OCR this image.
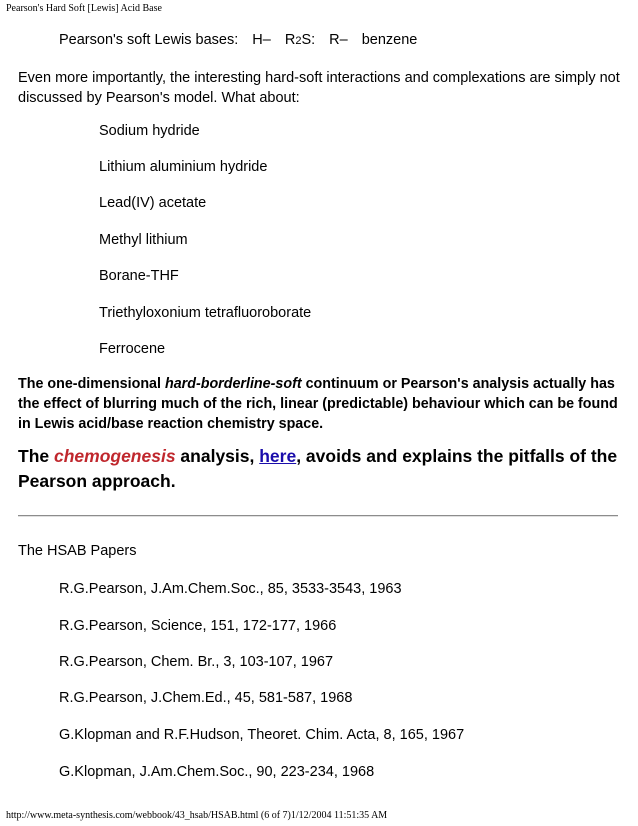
Pearson's Hard Soft [Lewis] Acid Base
Pearson's soft Lewis bases: H– R2S: R– benzene
Even more importantly, the interesting hard-soft interactions and complexations are simply not discussed by Pearson's model. What about:
Sodium hydride
Lithium aluminium hydride
Lead(IV) acetate
Methyl lithium
Borane-THF
Triethyloxonium tetrafluoroborate
Ferrocene
The one-dimensional hard-borderline-soft continuum or Pearson's analysis actually has the effect of blurring much of the rich, linear (predictable) behaviour which can be found in Lewis acid/base reaction chemistry space.
The chemogenesis analysis, here, avoids and explains the pitfalls of the Pearson approach.
The HSAB Papers
R.G.Pearson, J.Am.Chem.Soc., 85, 3533-3543, 1963
R.G.Pearson, Science, 151, 172-177, 1966
R.G.Pearson, Chem. Br., 3, 103-107, 1967
R.G.Pearson, J.Chem.Ed., 45, 581-587, 1968
G.Klopman and R.F.Hudson, Theoret. Chim. Acta, 8, 165, 1967
G.Klopman, J.Am.Chem.Soc., 90, 223-234, 1968
http://www.meta-synthesis.com/webbook/43_hsab/HSAB.html (6 of 7)1/12/2004 11:51:35 AM
